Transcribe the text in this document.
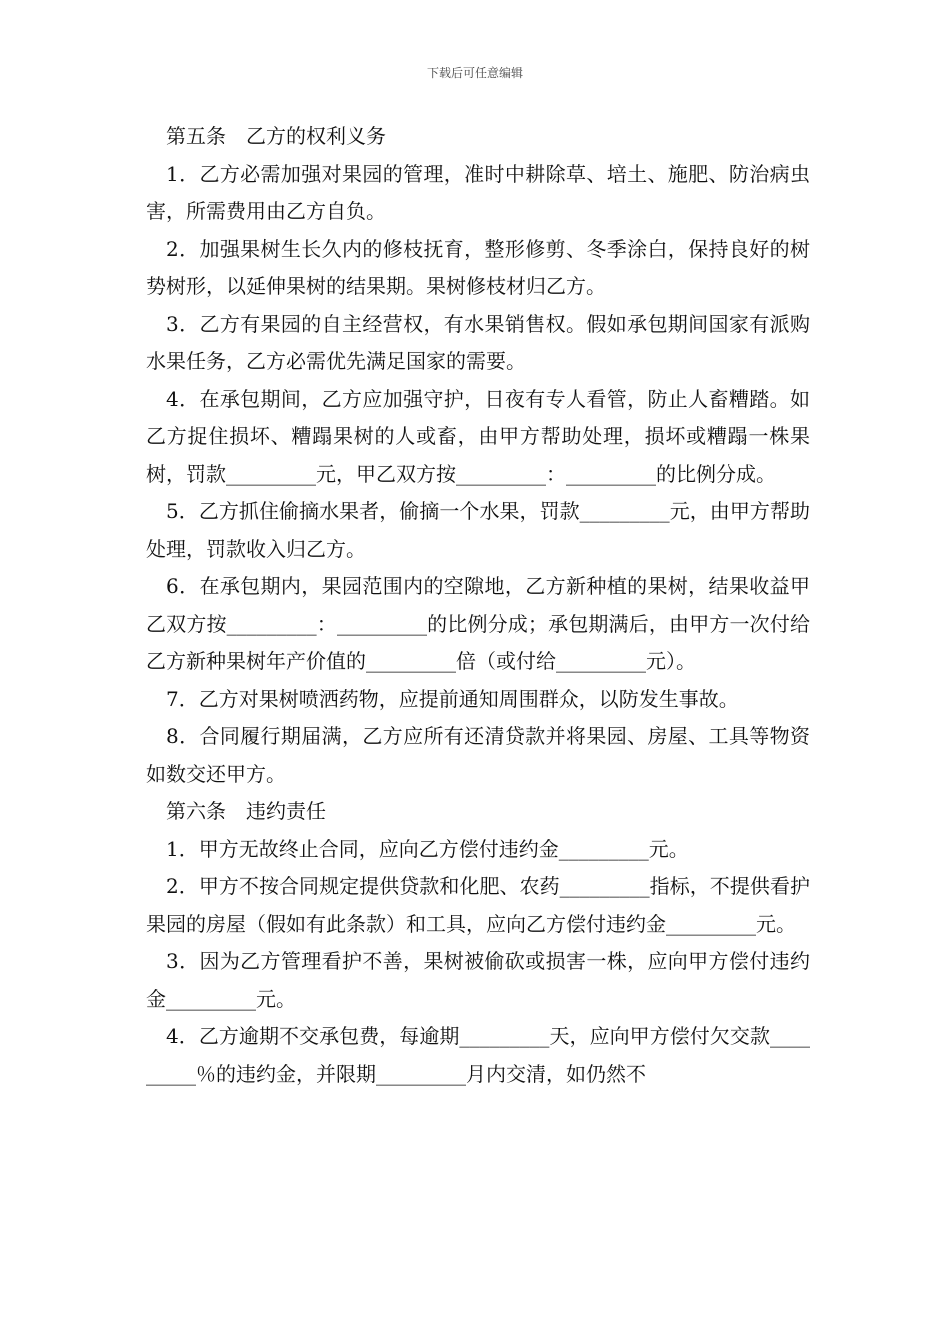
下载后可任意编辑

第五条　乙方的权利义务

1．乙方必需加强对果园的管理，准时中耕除草、培土、施肥、防治病虫害，所需费用由乙方自负。

2．加强果树生长久内的修枝抚育，整形修剪、冬季涂白，保持良好的树势树形，以延伸果树的结果期。果树修枝材归乙方。

3．乙方有果园的自主经营权，有水果销售权。假如承包期间国家有派购水果任务，乙方必需优先满足国家的需要。

4．在承包期间，乙方应加强守护，日夜有专人看管，防止人畜糟踏。如乙方捉住损坏、糟蹋果树的人或畜，由甲方帮助处理，损坏或糟蹋一株果树，罚款_________元，甲乙双方按_________：_________的比例分成。

5．乙方抓住偷摘水果者，偷摘一个水果，罚款_________元，由甲方帮助处理，罚款收入归乙方。

6．在承包期内，果园范围内的空隙地，乙方新种植的果树，结果收益甲乙双方按_________：_________的比例分成；承包期满后，由甲方一次付给乙方新种果树年产价值的_________倍（或付给_________元）。

7．乙方对果树喷洒药物，应提前通知周围群众，以防发生事故。

8．合同履行期届满，乙方应所有还清贷款并将果园、房屋、工具等物资如数交还甲方。

第六条　违约责任

1．甲方无故终止合同，应向乙方偿付违约金_________元。

2．甲方不按合同规定提供贷款和化肥、农药_________指标，不提供看护果园的房屋（假如有此条款）和工具，应向乙方偿付违约金_________元。

3．因为乙方管理看护不善，果树被偷砍或损害一株，应向甲方偿付违约金_________元。

4．乙方逾期不交承包费，每逾期_________天，应向甲方偿付欠交款_________％的违约金，并限期_________月内交清，如仍然不
